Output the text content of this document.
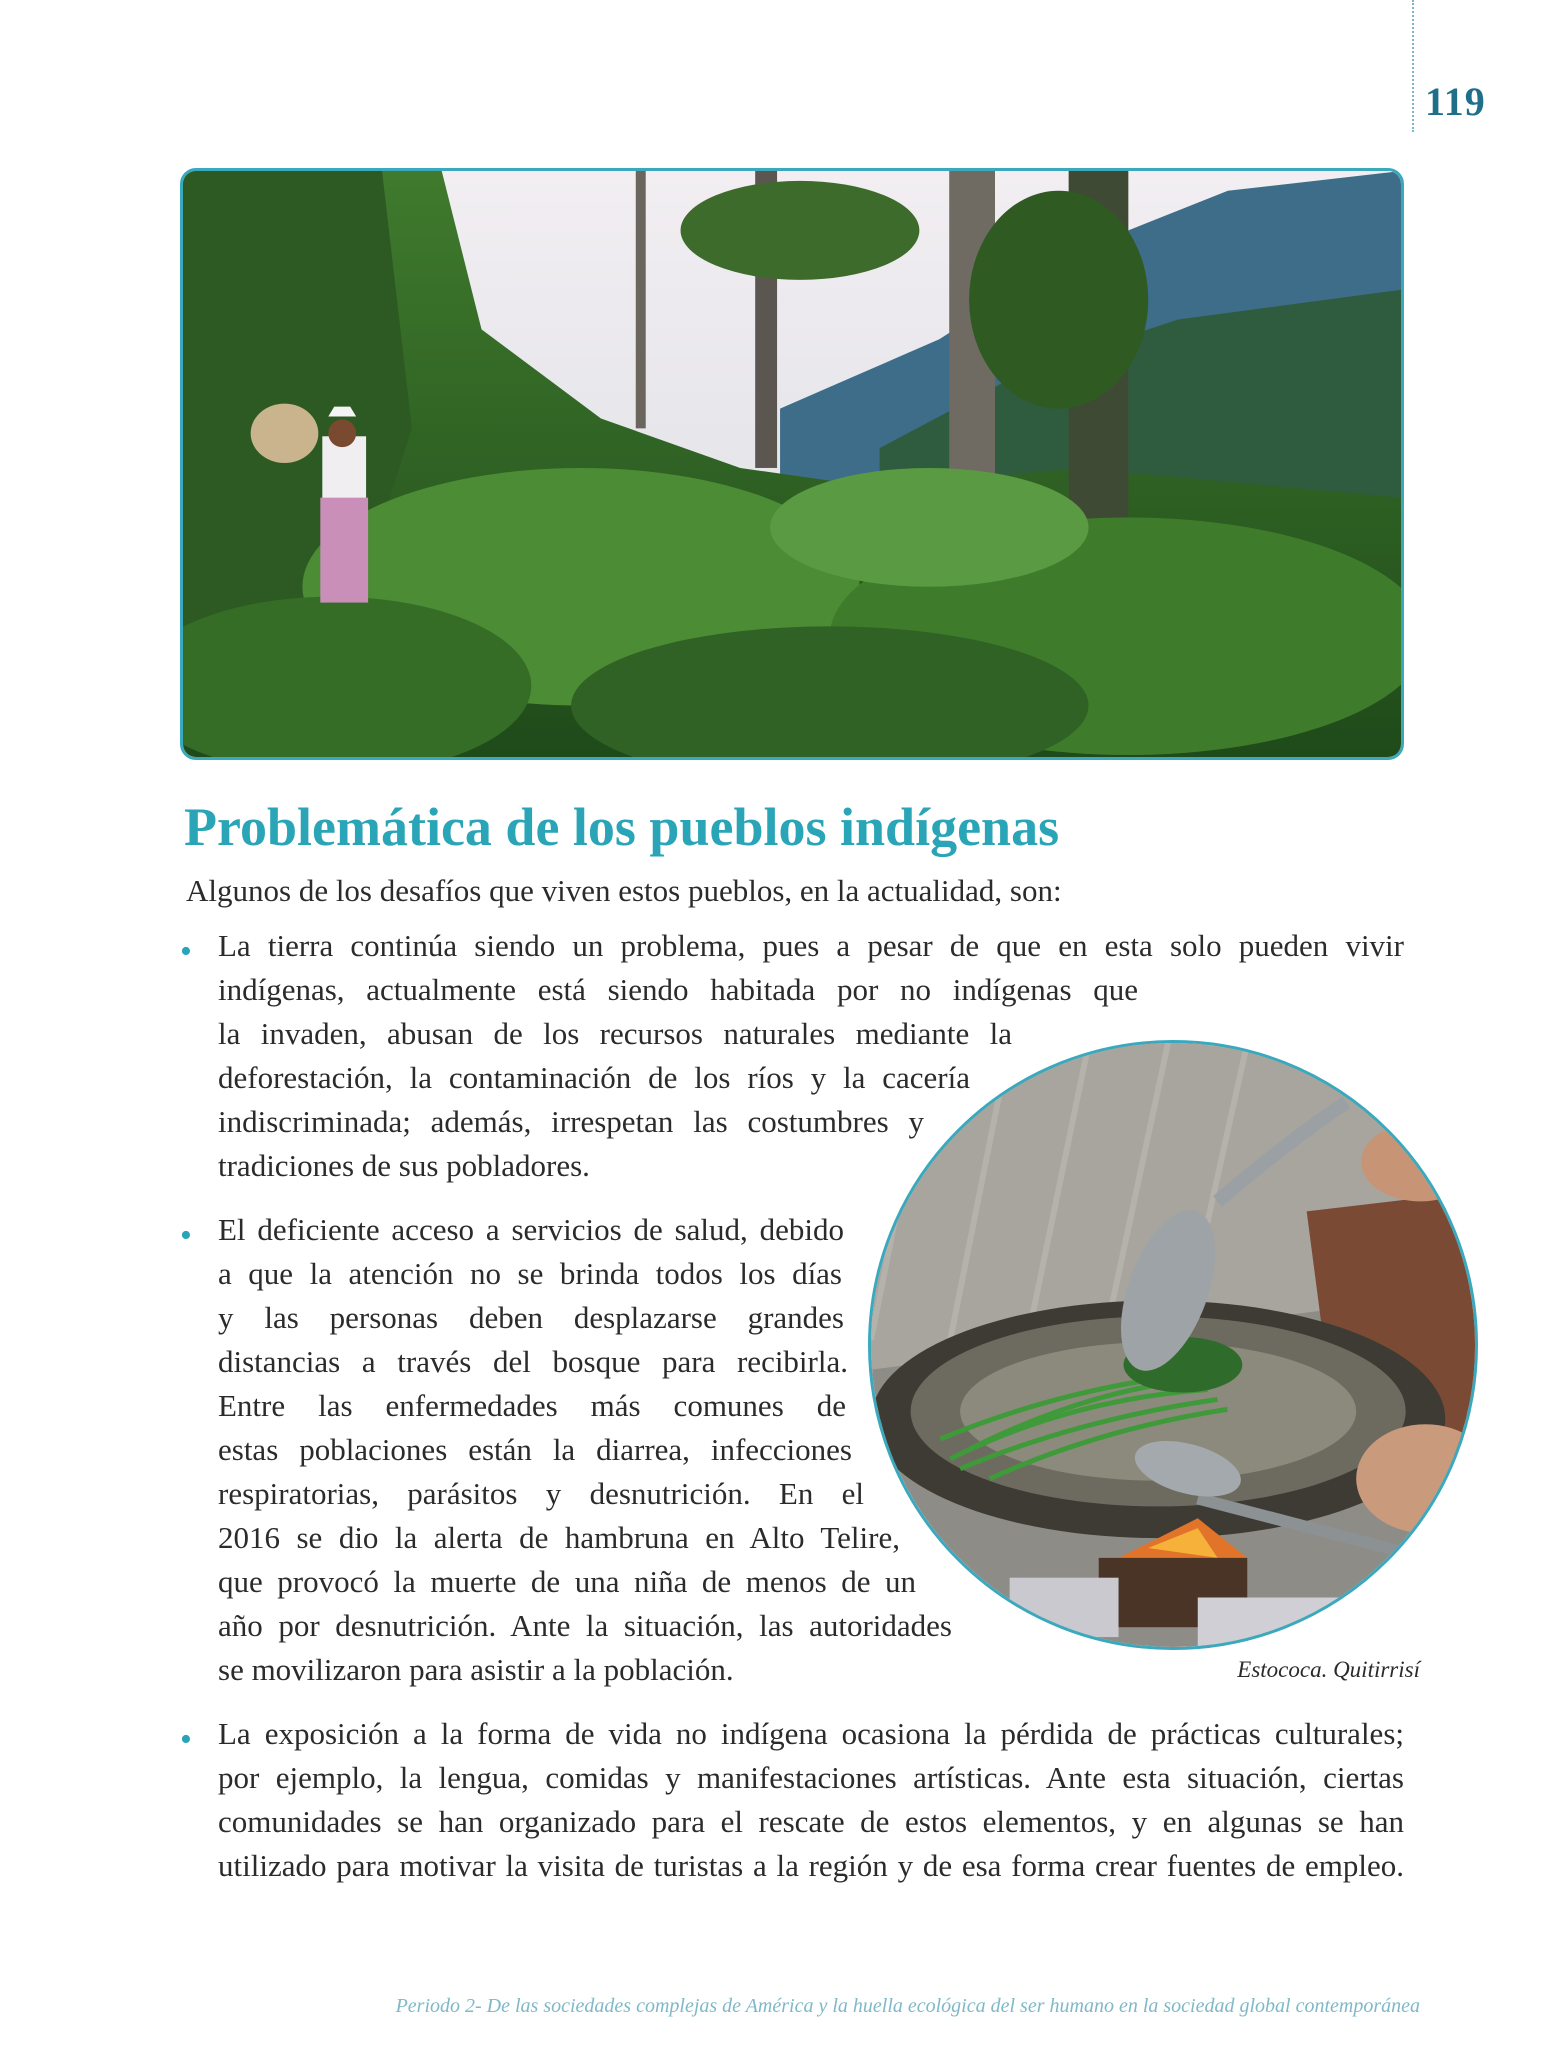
119
Problemática de los pueblos indígenas
Algunos de los desafíos que viven estos pueblos, en la actualidad, son:
• La tierra continúa siendo un problema, pues a pesar de que en esta solo pueden vivir
indígenas, actualmente está siendo habitada por no indígenas que
la invaden, abusan de los recursos naturales mediante la
deforestación, la contaminación de los ríos y la cacería
indiscriminada; además, irrespetan las costumbres y
tradiciones de sus pobladores.
• El deficiente acceso a servicios de salud, debido
a que la atención no se brinda todos los días
y las personas deben desplazarse grandes
distancias a través del bosque para recibirla.
Entre las enfermedades más comunes de
estas poblaciones están la diarrea, infecciones
respiratorias, parásitos y desnutrición. En el
2016 se dio la alerta de hambruna en Alto Telire,
que provocó la muerte de una niña de menos de un
año por desnutrición. Ante la situación, las autoridades
se movilizaron para asistir a la población.	Estococa. Quitirrisí
• La exposición a la forma de vida no indígena ocasiona la pérdida de prácticas culturales;
por ejemplo, la lengua, comidas y manifestaciones artísticas. Ante esta situación, ciertas
comunidades se han organizado para el rescate de estos elementos, y en algunas se han
utilizado para motivar la visita de turistas a la región y de esa forma crear fuentes de empleo.
Periodo 2- De las sociedades complejas de América y la huella ecológica del ser humano en la sociedad global contemporánea
